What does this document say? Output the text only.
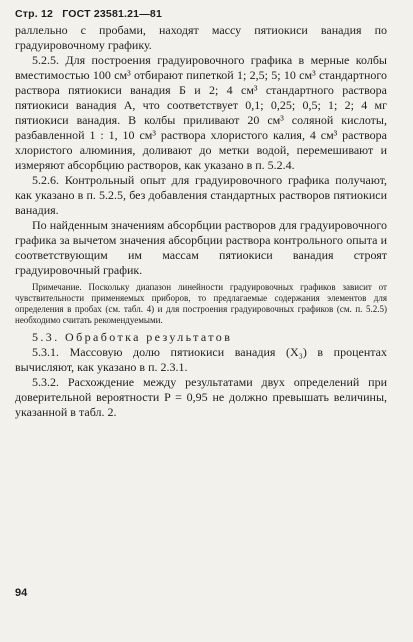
Стр. 12 ГОСТ 23581.21—81

раллельно с пробами, находят массу пятиокиси ванадия по градуировочному графику.

5.2.5. Для построения градуировочного графика в мерные колбы вместимостью 100 см³ отбирают пипеткой 1; 2,5; 5; 10 см³ стандартного раствора пятиокиси ванадия Б и 2; 4 см³ стандартного раствора пятиокиси ванадия А, что соответствует 0,1; 0,25; 0,5; 1; 2; 4 мг пятиокиси ванадия. В колбы приливают 20 см³ соляной кислоты, разбавленной 1 : 1, 10 см³ раствора хлористого калия, 4 см³ раствора хлористого алюминия, доливают до метки водой, перемешивают и измеряют абсорбцию растворов, как указано в п. 5.2.4.

5.2.6. Контрольный опыт для градуировочного графика получают, как указано в п. 5.2.5, без добавления стандартных растворов пятиокиси ванадия.

По найденным значениям абсорбции растворов для градуировочного графика за вычетом значения абсорбции раствора контрольного опыта и соответствующим им массам пятиокиси ванадия строят градуировочный график.

Примечание. Поскольку диапазон линейности градуировочных графиков зависит от чувствительности применяемых приборов, то предлагаемые содержания элементов для определения в пробах (см. табл. 4) и для построения градуировочных графиков (см. п. 5.2.5) необходимо считать рекомендуемыми.

5.3. Обработка результатов

5.3.1. Массовую долю пятиокиси ванадия (X₃) в процентах вычисляют, как указано в п. 2.3.1.

5.3.2. Расхождение между результатами двух определений при доверительной вероятности P = 0,95 не должно превышать величины, указанной в табл. 2.

94
